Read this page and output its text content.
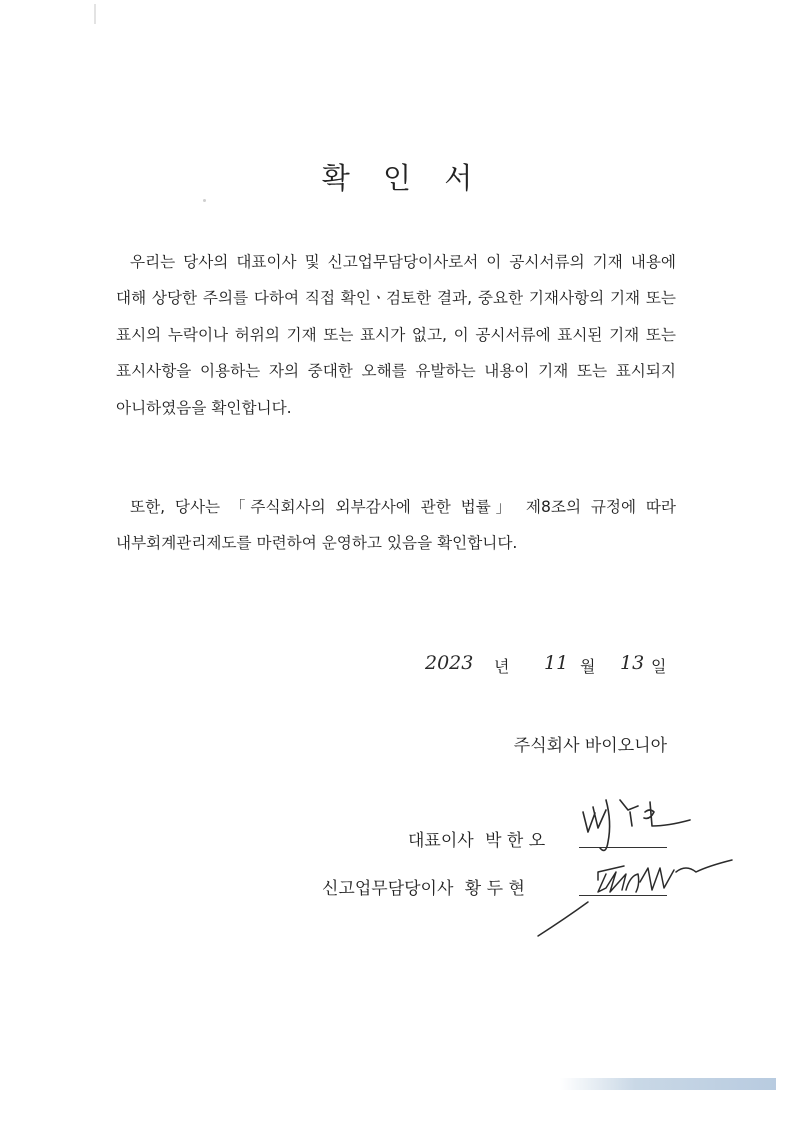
확 인 서

우리는 당사의 대표이사 및 신고업무담당이사로서 이 공시서류의 기재 내용에 대해 상당한 주의를 다하여 직접 확인ㆍ검토한 결과, 중요한 기재사항의 기재 또는 표시의 누락이나 허위의 기재 또는 표시가 없고, 이 공시서류에 표시된 기재 또는 표시사항을 이용하는 자의 중대한 오해를 유발하는 내용이 기재 또는 표시되지 아니하였음을 확인합니다.

또한, 당사는 「주식회사의 외부감사에 관한 법률」 제8조의 규정에 따라 내부회계관리제도를 마련하여 운영하고 있음을 확인합니다.

2023 년 11 월 13 일
주식회사 바이오니아
대표이사 박 한 오
신고업무담당이사 황 두 현
